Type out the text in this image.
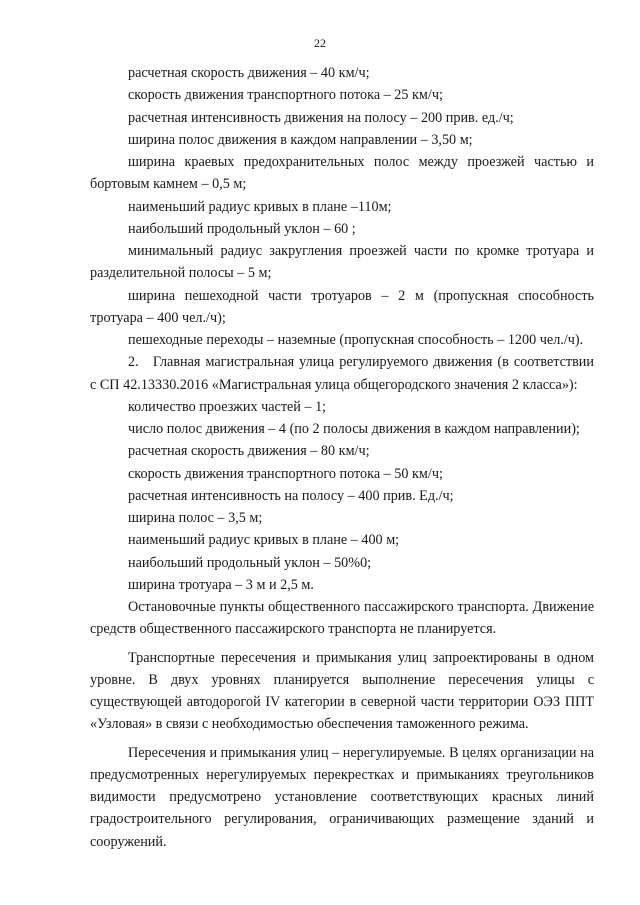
22

расчетная скорость движения – 40 км/ч;

скорость движения транспортного потока – 25 км/ч;

расчетная интенсивность движения на полосу – 200 прив. ед./ч;

ширина полос движения в каждом направлении – 3,50 м;

ширина краевых предохранительных полос между проезжей частью и бортовым камнем – 0,5 м;

наименьший радиус кривых в плане –110м;

наибольший продольный уклон – 60 ;

минимальный радиус закругления проезжей части по кромке тротуара и разделительной полосы – 5 м;

ширина пешеходной части тротуаров – 2 м (пропускная способность тротуара – 400 чел./ч);

пешеходные переходы – наземные (пропускная способность – 1200 чел./ч).

2. Главная магистральная улица регулируемого движения (в соответствии с СП 42.13330.2016 «Магистральная улица общегородского значения 2 класса»):

количество проезжих частей – 1;

число полос движения – 4 (по 2 полосы движения в каждом направлении);

расчетная скорость движения – 80 км/ч;

скорость движения транспортного потока – 50 км/ч;

расчетная интенсивность на полосу – 400 прив. Ед./ч;

ширина полос – 3,5 м;

наименьший радиус кривых в плане – 400 м;

наибольший продольный уклон – 50%0;

ширина тротуара – 3 м и 2,5 м.

Остановочные пункты общественного пассажирского транспорта. Движение средств общественного пассажирского транспорта не планируется.

Транспортные пересечения и примыкания улиц запроектированы в одном уровне. В двух уровнях планируется выполнение пересечения улицы с существующей автодорогой IV категории в северной части территории ОЭЗ ППТ «Узловая» в связи с необходимостью обеспечения таможенного режима.

Пересечения и примыкания улиц – нерегулируемые. В целях организации на предусмотренных нерегулируемых перекрестках и примыканиях треугольников видимости предусмотрено установление соответствующих красных линий градостроительного регулирования, ограничивающих размещение зданий и сооружений.
